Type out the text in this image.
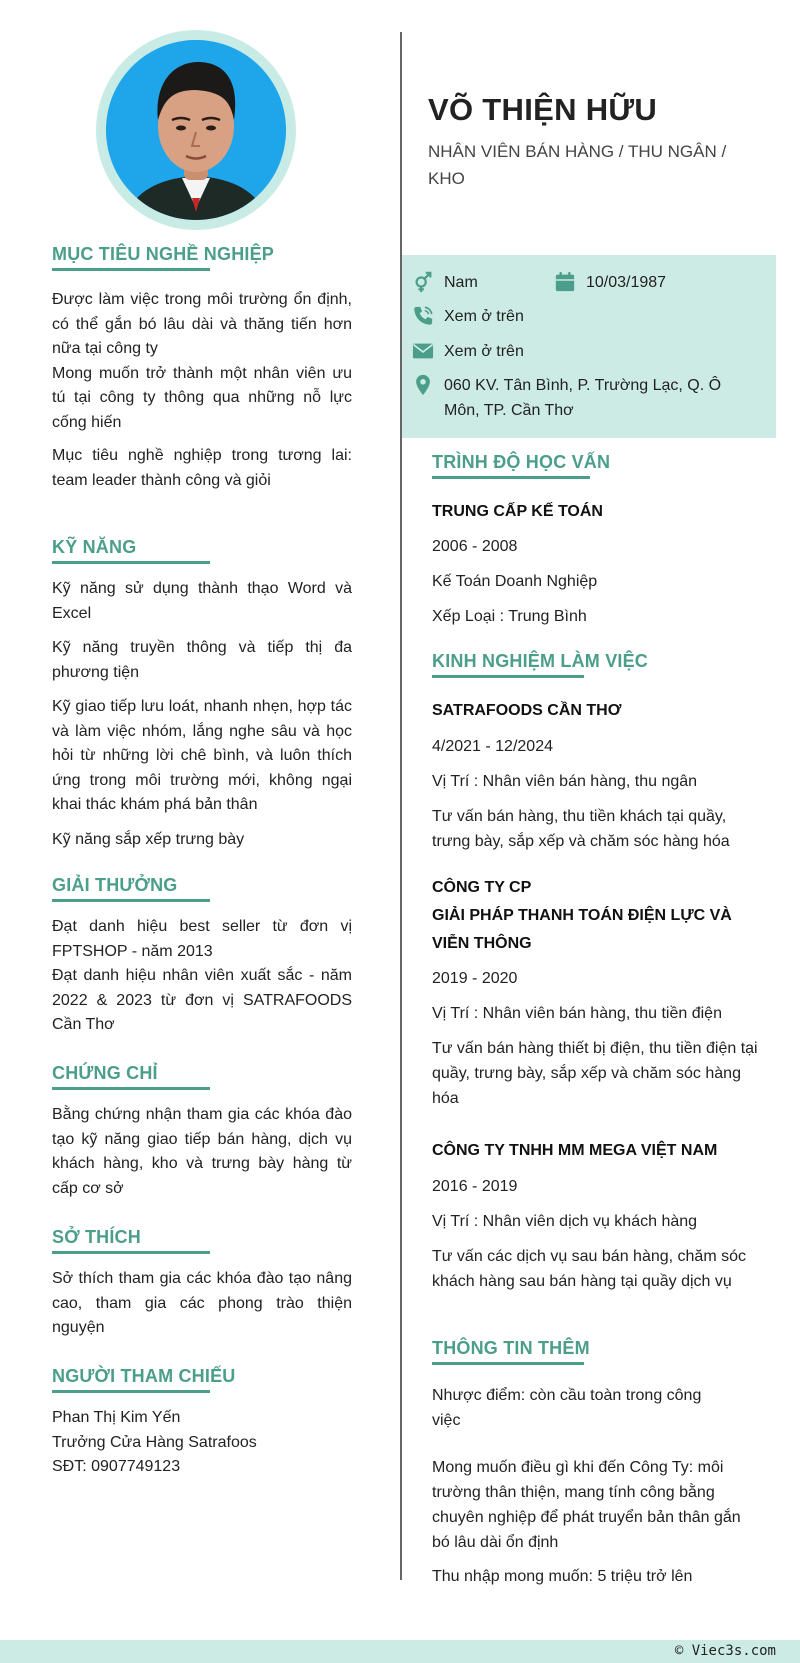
MỤC TIÊU NGHỀ NGHIỆP
Được làm việc trong môi trường ổn định, có thể gắn bó lâu dài và thăng tiến hơn nữa tại công ty
Mong muốn trở thành một nhân viên ưu tú tại công ty thông qua những nỗ lực cống hiến
Mục tiêu nghề nghiệp trong tương lai: team leader thành công và giỏi
KỸ NĂNG
Kỹ năng sử dụng thành thạo Word và Excel
Kỹ năng truyền thông và tiếp thị đa phương tiện
Kỹ giao tiếp lưu loát, nhanh nhẹn, hợp tác và làm việc nhóm, lắng nghe sâu và học hỏi từ những lời chê bình, và luôn thích ứng trong môi trường mới, không ngại khai thác khám phá bản thân
Kỹ năng sắp xếp trưng bày
GIẢI THƯỞNG
Đạt danh hiệu best seller từ đơn vị FPTSHOP - năm 2013
Đạt danh hiệu nhân viên xuất sắc - năm 2022 & 2023 từ đơn vị SATRAFOODS Cần Thơ
CHỨNG CHỈ
Bằng chứng nhận tham gia các khóa đào tạo kỹ năng giao tiếp bán hàng, dịch vụ khách hàng, kho và trưng bày hàng từ cấp cơ sở
SỞ THÍCH
Sở thích tham gia các khóa đào tạo nâng cao, tham gia các phong trào thiện nguyện
NGƯỜI THAM CHIẾU
Phan Thị Kim Yến
Trưởng Cửa Hàng Satrafoos
SĐT: 0907749123
VÕ THIỆN HỮU
NHÂN VIÊN BÁN HÀNG / THU NGÂN / KHO
Nam	10/03/1987
Xem ở trên
Xem ở trên
060 KV. Tân Bình, P. Trường Lạc, Q. Ô Môn, TP. Cần Thơ
TRÌNH ĐỘ HỌC VẤN
TRUNG CẤP KẾ TOÁN
2006 - 2008
Kế Toán Doanh Nghiệp
Xếp Loại : Trung Bình
KINH NGHIỆM LÀM VIỆC
SATRAFOODS CẦN THƠ
4/2021 - 12/2024
Vị Trí : Nhân viên bán hàng, thu ngân
Tư vấn bán hàng, thu tiền khách tại quầy, trưng bày, sắp xếp và chăm sóc hàng hóa
CÔNG TY CP
GIẢI PHÁP THANH TOÁN ĐIỆN LỰC VÀ VIỄN THÔNG
2019 - 2020
Vị Trí : Nhân viên bán hàng, thu tiền điện
Tư vấn bán hàng thiết bị điện, thu tiền điện tại quầy, trưng bày, sắp xếp và chăm sóc hàng hóa
CÔNG TY TNHH MM MEGA VIỆT NAM
2016 - 2019
Vị Trí : Nhân viên dịch vụ khách hàng
Tư vấn các dịch vụ sau bán hàng, chăm sóc khách hàng sau bán hàng tại quầy dịch vụ
THÔNG TIN THÊM
Nhược điểm: còn cầu toàn trong công việc
Mong muốn điều gì khi đến Công Ty: môi trường thân thiện, mang tính công bằng chuyên nghiệp để phát truyển bản thân gắn bó lâu dài ổn định
Thu nhập mong muốn: 5 triệu trở lên
© Viec3s.com
